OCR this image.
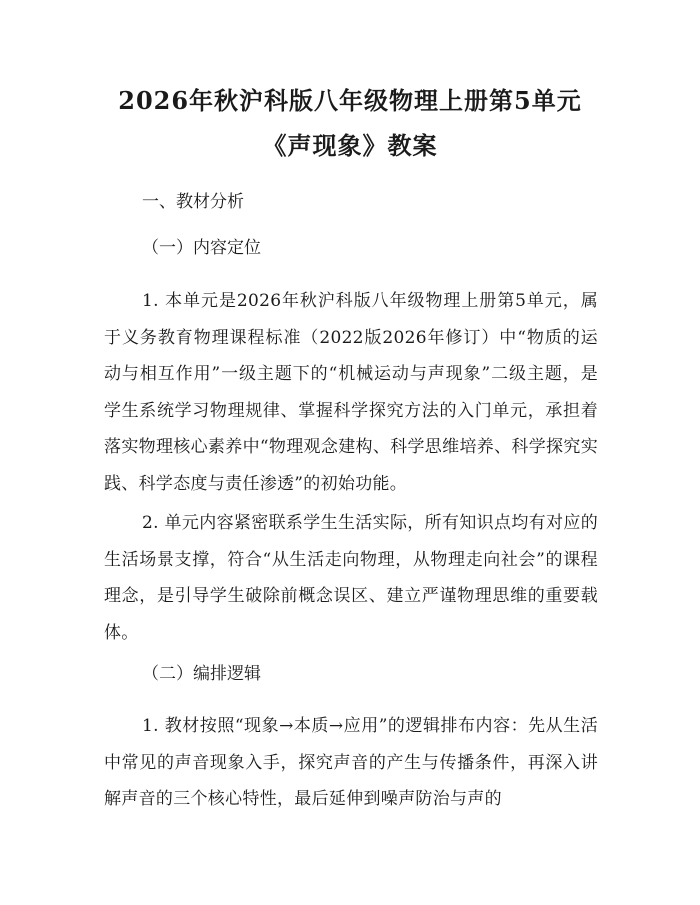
2026年秋沪科版八年级物理上册第5单元
《声现象》教案
一、教材分析
（一）内容定位
1. 本单元是2026年秋沪科版八年级物理上册第5单元，属于义务教育物理课程标准（2022版2026年修订）中“物质的运动与相互作用”一级主题下的“机械运动与声现象”二级主题，是学生系统学习物理规律、掌握科学探究方法的入门单元，承担着落实物理核心素养中“物理观念建构、科学思维培养、科学探究实践、科学态度与责任渗透”的初始功能。
2. 单元内容紧密联系学生生活实际，所有知识点均有对应的生活场景支撑，符合“从生活走向物理，从物理走向社会”的课程理念，是引导学生破除前概念误区、建立严谨物理思维的重要载体。
（二）编排逻辑
1. 教材按照“现象→本质→应用”的逻辑排布内容：先从生活中常见的声音现象入手，探究声音的产生与传播条件，再深入讲解声音的三个核心特性，最后延伸到噪声防治与声的
